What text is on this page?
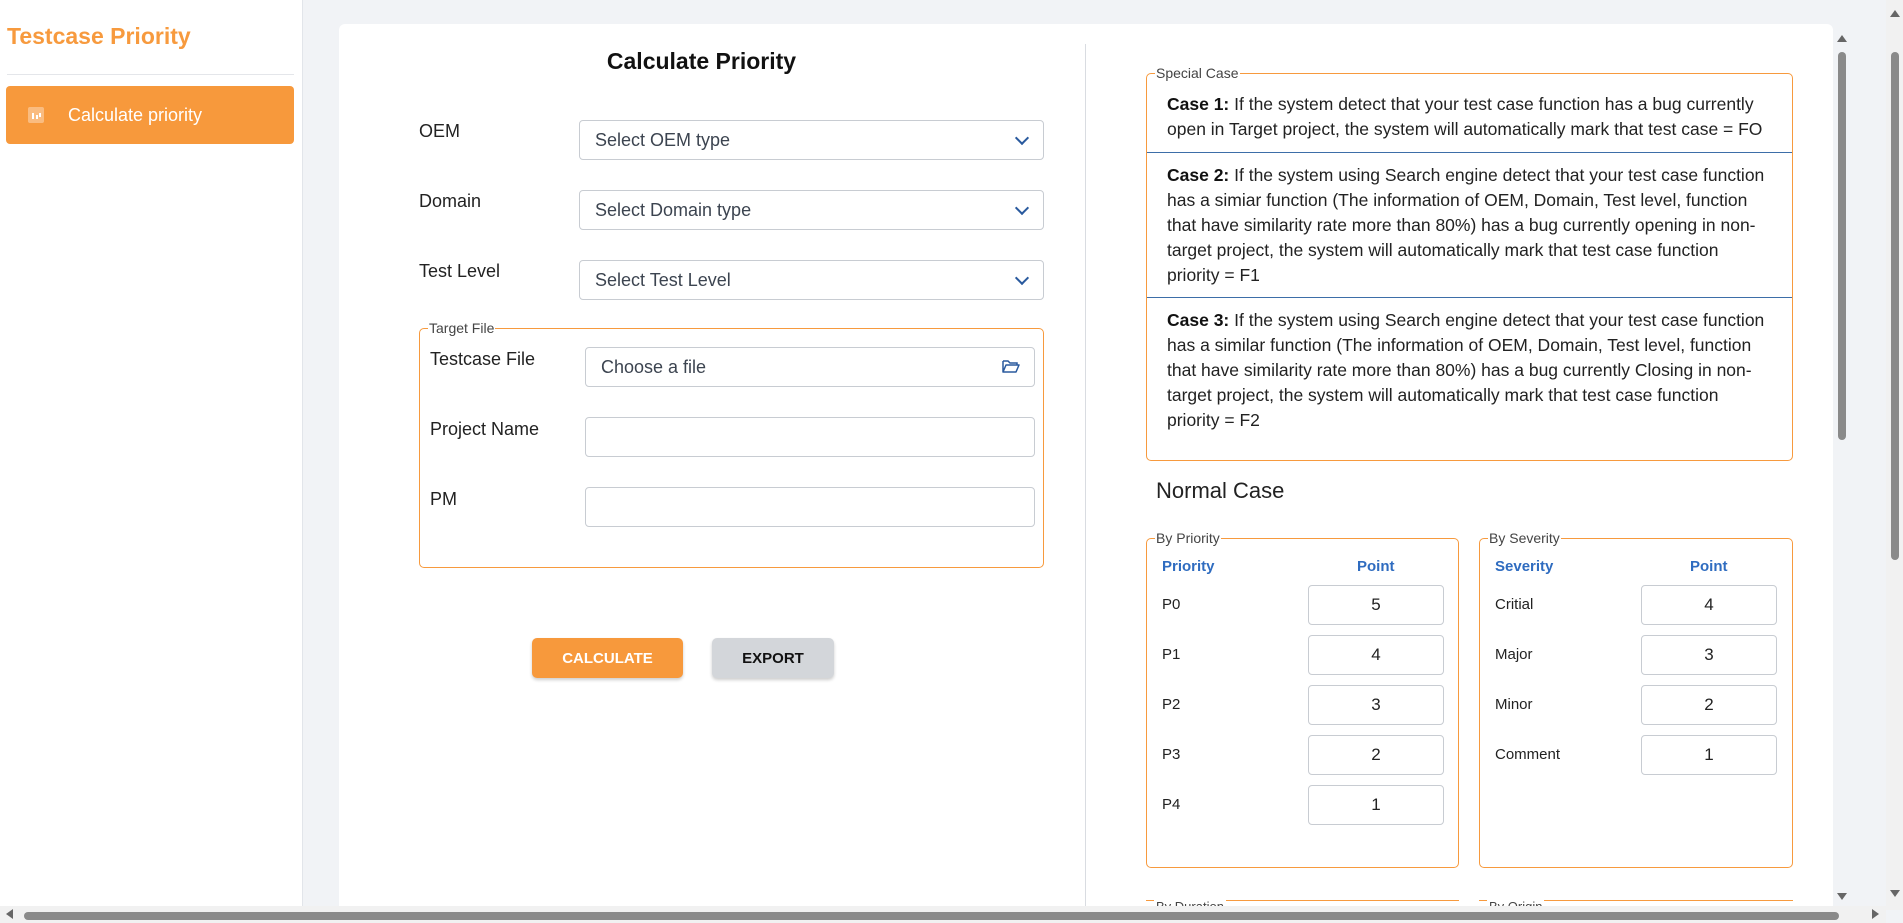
Testcase Priority
Calculate priority
Calculate Priority
OEM	Select OEM type
Domain	Select Domain type
Test Level	Select Test Level
Target File
Testcase File	Choose a file
Project Name
PM
CALCULATE	EXPORT
Special Case
Case 1: If the system detect that your test case function has a bug currently open in Target project, the system will automatically mark that test case = FO
Case 2: If the system using Search engine detect that your test case function has a simiar function (The information of OEM, Domain, Test level, function that have similarity rate more than 80%) has a bug currently opening in non-target project, the system will automatically mark that test case function priority = F1
Case 3: If the system using Search engine detect that your test case function has a similar function (The information of OEM, Domain, Test level, function that have similarity rate more than 80%) has a bug currently Closing in non-target project, the system will automatically mark that test case function priority = F2
Normal Case
By Priority
Priority	Point
P0	5
P1	4
P2	3
P3	2
P4	1
By Severity
Severity	Point
Critial	4
Major	3
Minor	2
Comment	1
